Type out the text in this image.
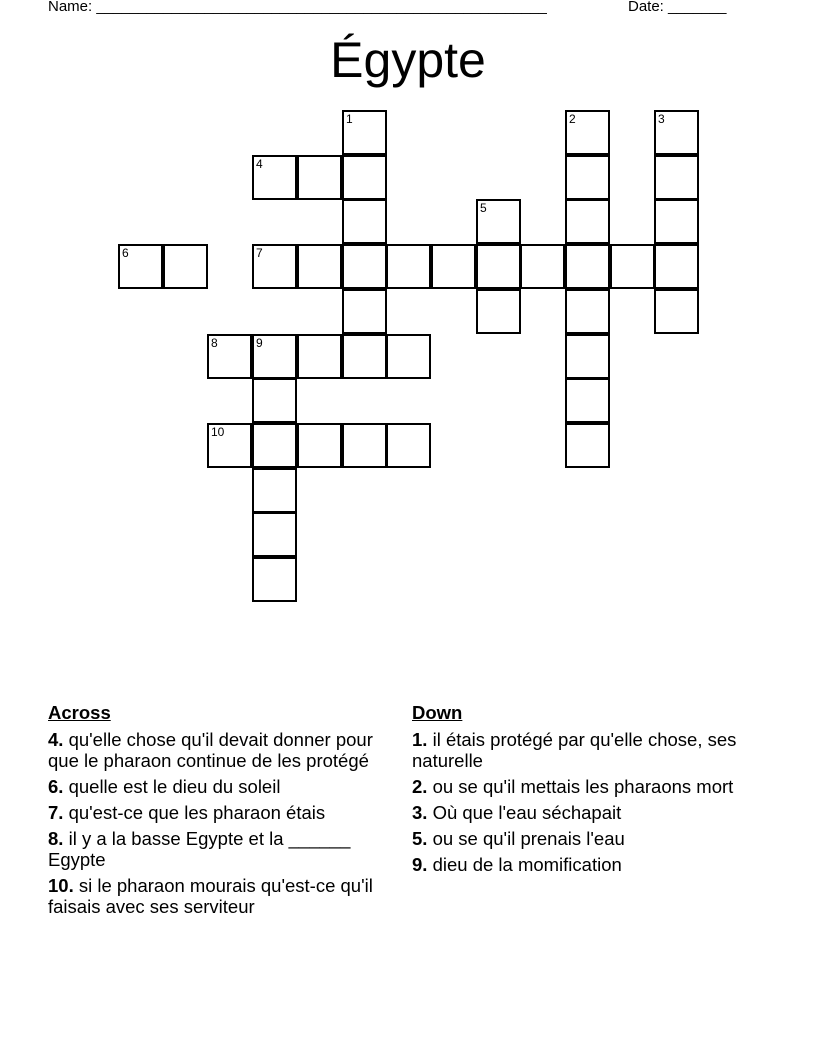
Name: ______________________________________________________	Date: _______
Égypte
1	2	3
4
5
6	7
8	9
10
Across
4. qu'elle chose qu'il devait donner pour que le pharaon continue de les protégé
6. quelle est le dieu du soleil
7. qu'est-ce que les pharaon étais
8. il y a la basse Egypte et la ______ Egypte
10. si le pharaon mourais qu'est-ce qu'il faisais avec ses serviteur
Down
1. il étais protégé par qu'elle chose, ses naturelle
2. ou se qu'il mettais les pharaons mort
3. Où que l'eau séchapait
5. ou se qu'il prenais l'eau
9. dieu de la momification
